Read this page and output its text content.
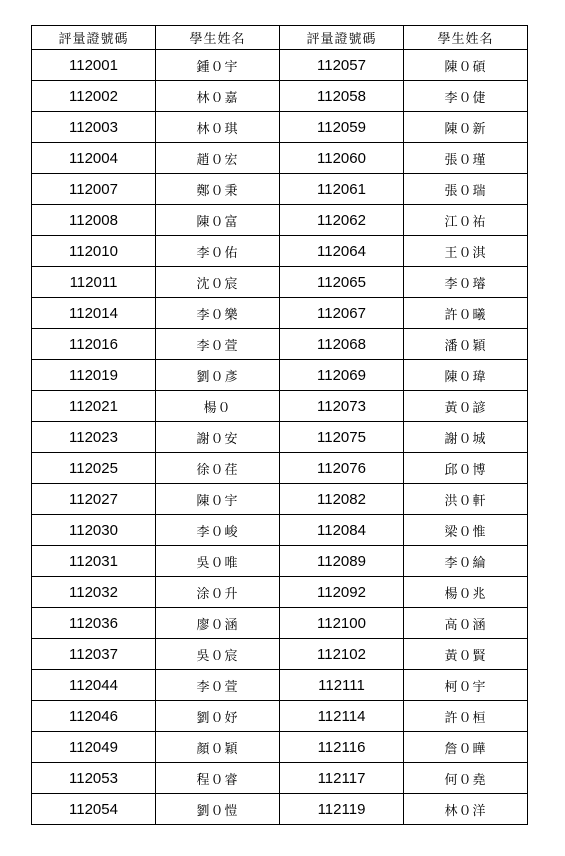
評量證號碼	學生姓名	評量證號碼	學生姓名
112001	鍾０宇	112057	陳０碩
112002	林０嘉	112058	李０倢
112003	林０琪	112059	陳０新
112004	趙０宏	112060	張０瑾
112007	鄭０秉	112061	張０瑞
112008	陳０富	112062	江０祐
112010	李０佑	112064	王０淇
112011	沈０宸	112065	李０璿
112014	李０樂	112067	許０曦
112016	李０萱	112068	潘０穎
112019	劉０彥	112069	陳０瑋
112021	楊０	112073	黃０諺
112023	謝０安	112075	謝０城
112025	徐０荏	112076	邱０博
112027	陳０宇	112082	洪０軒
112030	李０峻	112084	梁０惟
112031	吳０唯	112089	李０綸
112032	涂０升	112092	楊０兆
112036	廖０涵	112100	高０涵
112037	吳０宸	112102	黃０賢
112044	李０萱	112111	柯０宇
112046	劉０妤	112114	許０桓
112049	顏０穎	112116	詹０曄
112053	程０睿	112117	何０堯
112054	劉０愷	112119	林０洋
